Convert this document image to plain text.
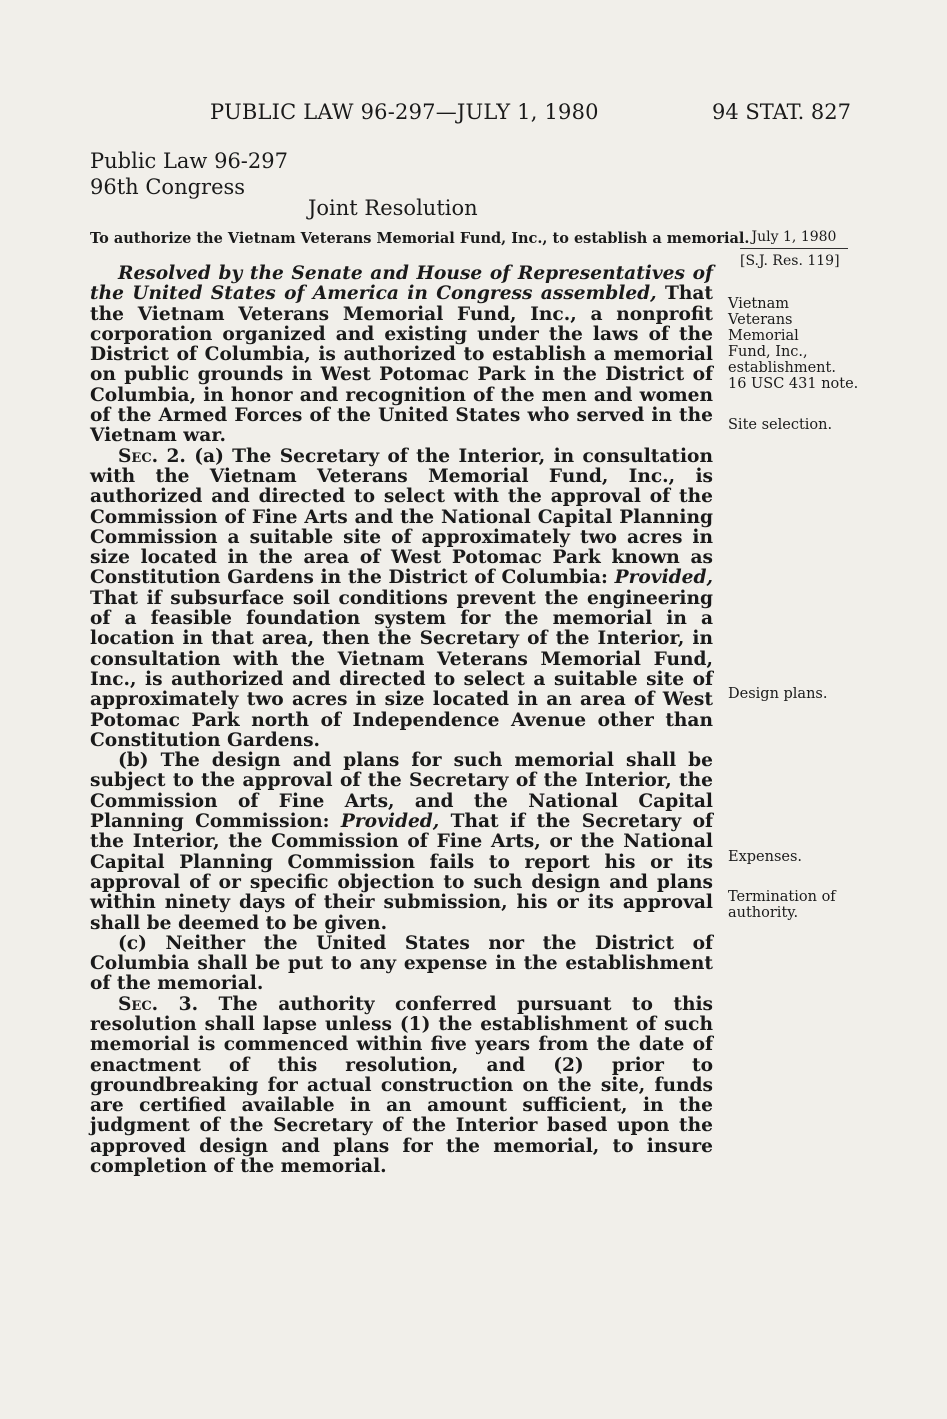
PUBLIC LAW 96-297—JULY 1, 1980	94 STAT. 827
Public Law 96-297
96th Congress
Joint Resolution
To authorize the Vietnam Veterans Memorial Fund, Inc., to establish a memorial. July 1, 1980
[S.J. Res. 119]

Resolved by the Senate and House of Representatives of the United States of America in Congress assembled, That the Vietnam Veterans Memorial Fund, Inc., a nonprofit corporation organized and existing under the laws of the District of Columbia, is authorized to establish a memorial on public grounds in West Potomac Park in the District of Columbia, in honor and recognition of the men and women of the Armed Forces of the United States who served in the Vietnam war.

Sec. 2. (a) The Secretary of the Interior, in consultation with the Vietnam Veterans Memorial Fund, Inc., is authorized and directed to select with the approval of the Commission of Fine Arts and the National Capital Planning Commission a suitable site of approximately two acres in size located in the area of West Potomac Park known as Constitution Gardens in the District of Columbia: Provided, That if subsurface soil conditions prevent the engineering of a feasible foundation system for the memorial in a location in that area, then the Secretary of the Interior, in consultation with the Vietnam Veterans Memorial Fund, Inc., is authorized and directed to select a suitable site of approximately two acres in size located in an area of West Potomac Park north of Independence Avenue other than Constitution Gardens.

(b) The design and plans for such memorial shall be subject to the approval of the Secretary of the Interior, the Commission of Fine Arts, and the National Capital Planning Commission: Provided, That if the Secretary of the Interior, the Commission of Fine Arts, or the National Capital Planning Commission fails to report his or its approval of or specific objection to such design and plans within ninety days of their submission, his or its approval shall be deemed to be given.

(c) Neither the United States nor the District of Columbia shall be put to any expense in the establishment of the memorial.

Sec. 3. The authority conferred pursuant to this resolution shall lapse unless (1) the establishment of such memorial is commenced within five years from the date of enactment of this resolution, and (2) prior to groundbreaking for actual construction on the site, funds are certified available in an amount sufficient, in the judgment of the Secretary of the Interior based upon the approved design and plans for the memorial, to insure completion of the memorial.

Vietnam Veterans Memorial Fund, Inc., establishment.
16 USC 431 note.
Site selection.
Design plans.
Expenses.
Termination of authority.
